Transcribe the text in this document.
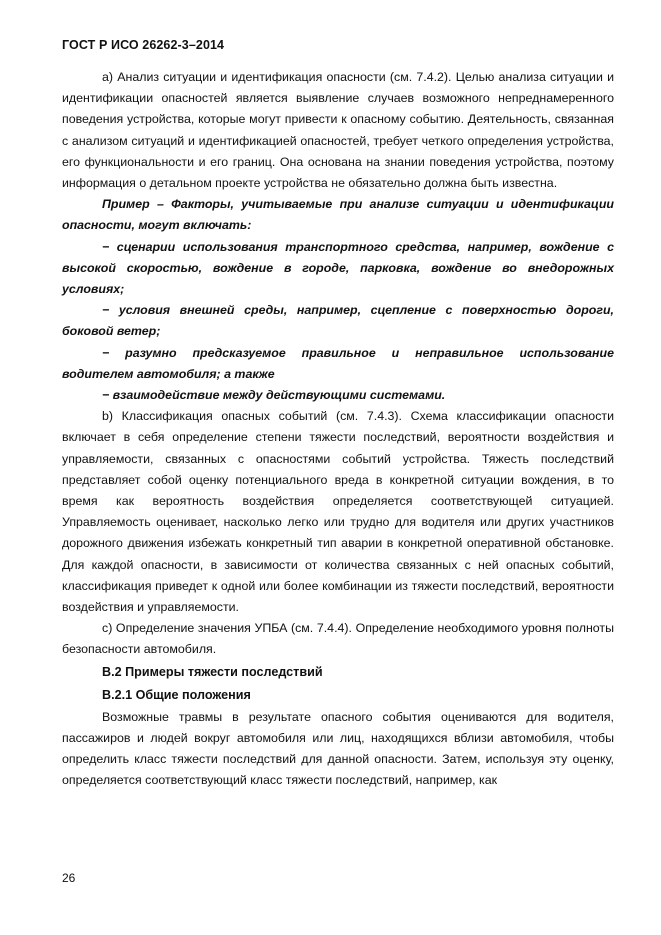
ГОСТ Р ИСО 26262-3–2014

а) Анализ ситуации и идентификация опасности (см. 7.4.2). Целью анализа ситуации и идентификации опасностей является выявление случаев возможного непреднамеренного поведения устройства, которые могут привести к опасному событию. Деятельность, связанная с анализом ситуаций и идентификацией опасностей, требует четкого определения устройства, его функциональности и его границ. Она основана на знании поведения устройства, поэтому информация о детальном проекте устройства не обязательно должна быть известна.

Пример – Факторы, учитываемые при анализе ситуации и идентификации опасности, могут включать:

− сценарии использования транспортного средства, например, вождение с высокой скоростью, вождение в городе, парковка, вождение во внедорожных условиях;

− условия внешней среды, например, сцепление с поверхностью дороги, боковой ветер;

− разумно предсказуемое правильное и неправильное использование водителем автомобиля; а также

− взаимодействие между действующими системами.

b) Классификация опасных событий (см. 7.4.3). Схема классификации опасности включает в себя определение степени тяжести последствий, вероятности воздействия и управляемости, связанных с опасностями событий устройства. Тяжесть последствий представляет собой оценку потенциального вреда в конкретной ситуации вождения, в то время как вероятность воздействия определяется соответствующей ситуацией. Управляемость оценивает, насколько легко или трудно для водителя или других участников дорожного движения избежать конкретный тип аварии в конкретной оперативной обстановке. Для каждой опасности, в зависимости от количества связанных с ней опасных событий, классификация приведет к одной или более комбинации из тяжести последствий, вероятности воздействия и управляемости.

с) Определение значения УПБА (см. 7.4.4). Определение необходимого уровня полноты безопасности автомобиля.

В.2 Примеры тяжести последствий
В.2.1 Общие положения

Возможные травмы в результате опасного события оцениваются для водителя, пассажиров и людей вокруг автомобиля или лиц, находящихся вблизи автомобиля, чтобы определить класс тяжести последствий для данной опасности. Затем, используя эту оценку, определяется соответствующий класс тяжести последствий, например, как

26
